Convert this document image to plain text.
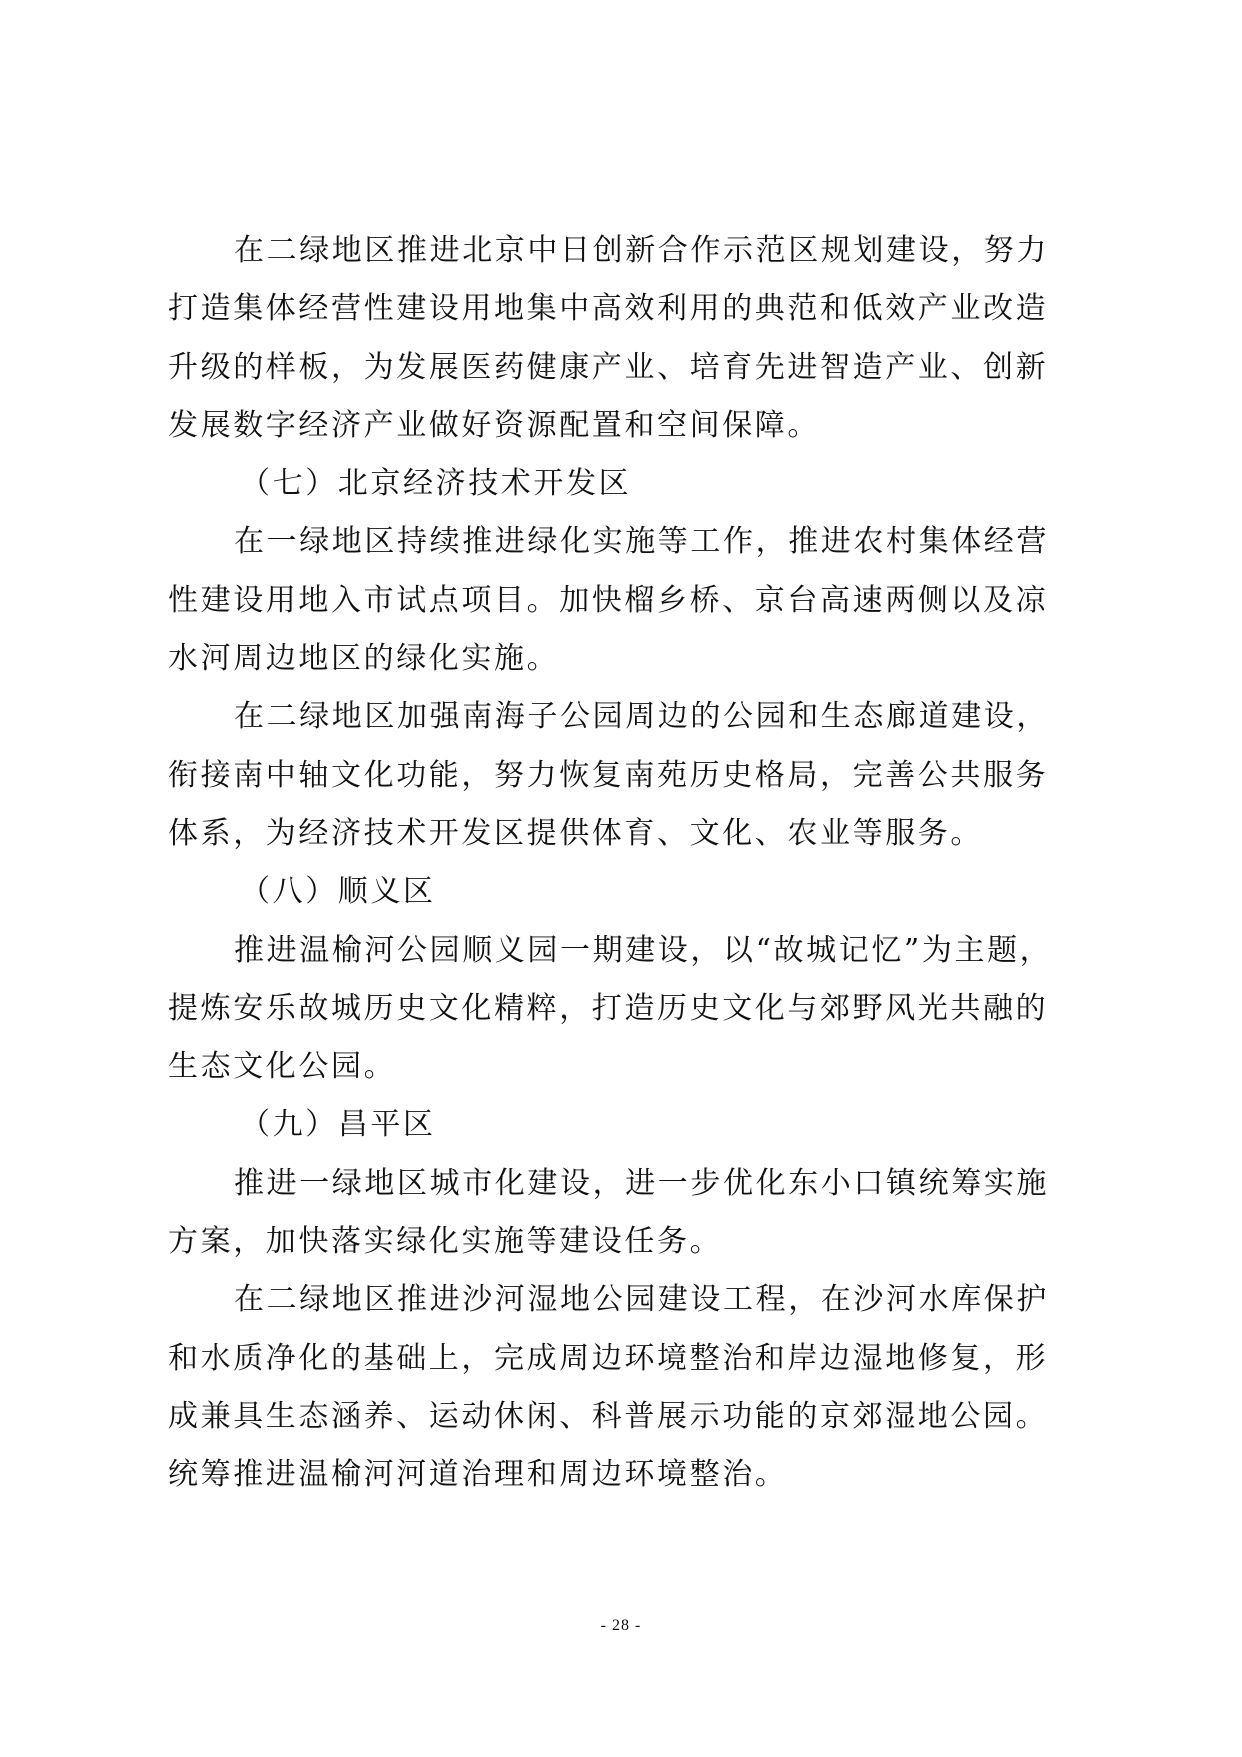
在二绿地区推进北京中日创新合作示范区规划建设，努力
打造集体经营性建设用地集中高效利用的典范和低效产业改造
升级的样板，为发展医药健康产业、培育先进智造产业、创新
发展数字经济产业做好资源配置和空间保障。
（七）北京经济技术开发区
在一绿地区持续推进绿化实施等工作，推进农村集体经营
性建设用地入市试点项目。加快榴乡桥、京台高速两侧以及凉
水河周边地区的绿化实施。
在二绿地区加强南海子公园周边的公园和生态廊道建设，
衔接南中轴文化功能，努力恢复南苑历史格局，完善公共服务
体系，为经济技术开发区提供体育、文化、农业等服务。
（八）顺义区
推进温榆河公园顺义园一期建设，以“故城记忆”为主题，
提炼安乐故城历史文化精粹，打造历史文化与郊野风光共融的
生态文化公园。
（九）昌平区
推进一绿地区城市化建设，进一步优化东小口镇统筹实施
方案，加快落实绿化实施等建设任务。
在二绿地区推进沙河湿地公园建设工程，在沙河水库保护
和水质净化的基础上，完成周边环境整治和岸边湿地修复，形
成兼具生态涵养、运动休闲、科普展示功能的京郊湿地公园。
统筹推进温榆河河道治理和周边环境整治。
- 28 -
